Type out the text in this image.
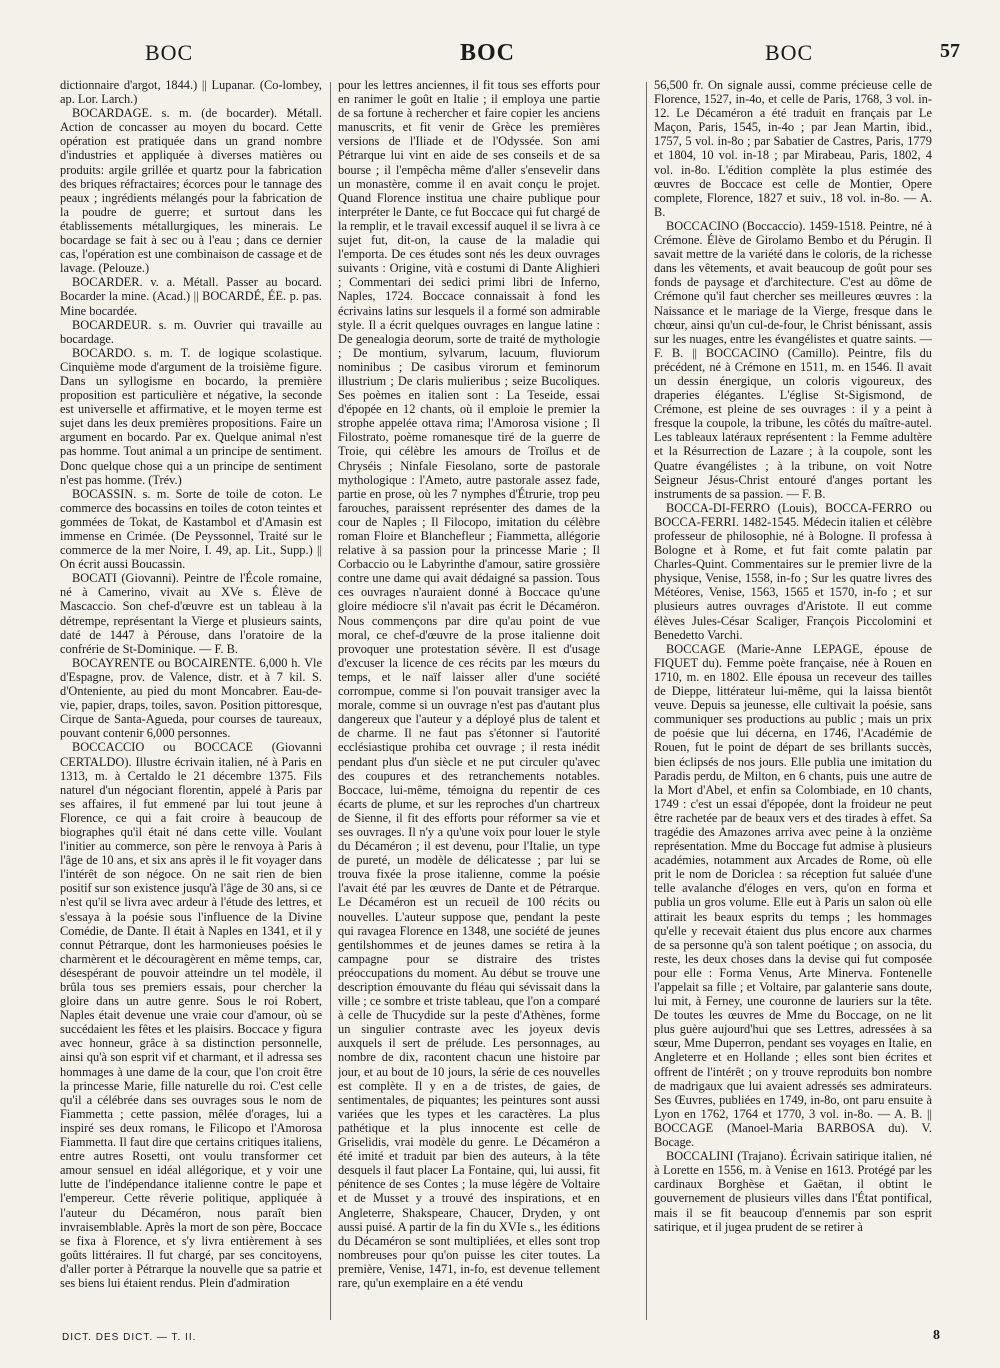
BOC	BOC	BOC	57

dictionnaire d'argot, 1844.) || Lupanar. (Co-lombey, ap. Lor. Larch.)

BOCARDAGE. s. m. (de bocarder). Métall. Action de concasser au moyen du bocard. Cette opération est pratiquée dans un grand nombre d'industries et appliquée à diverses matières ou produits: argile grillée et quartz pour la fabrication des briques réfractaires; écorces pour le tannage des peaux ; ingrédients mélangés pour la fabrication de la poudre de guerre; et surtout dans les établissements métallurgiques, les minerais. Le bocardage se fait à sec ou à l'eau ; dans ce dernier cas, l'opération est une combinaison de cassage et de lavage. (Pelouze.)

BOCARDER. v. a. Métall. Passer au bocard. Bocarder la mine. (Acad.) || BOCARDÉ, ÉE. p. pas. Mine bocardée.

BOCARDEUR. s. m. Ouvrier qui travaille au bocardage.

BOCARDO. s. m. T. de logique scolastique. Cinquième mode d'argument de la troisième figure. Dans un syllogisme en bocardo, la première proposition est particulière et négative, la seconde est universelle et affirmative, et le moyen terme est sujet dans les deux premières propositions. Faire un argument en bocardo. Par ex. Quelque animal n'est pas homme. Tout animal a un principe de sentiment. Donc quelque chose qui a un principe de sentiment n'est pas homme. (Trév.)

BOCASSIN. s. m. Sorte de toile de coton. Le commerce des bocassins en toiles de coton teintes et gommées de Tokat, de Kastambol et d'Amasin est immense en Crimée. (De Peyssonnel, Traité sur le commerce de la mer Noire, I. 49, ap. Lit., Supp.) || On écrit aussi Boucassin.

BOCATI (Giovanni). Peintre de l'École romaine, né à Camerino, vivait au XVe s. Élève de Mascaccio. Son chef-d'œuvre est un tableau à la détrempe, représentant la Vierge et plusieurs saints, daté de 1447 à Pérouse, dans l'oratoire de la confrérie de St-Dominique. — F. B.

BOCAYRENTE ou BOCAIRENTE. 6,000 h. Vle d'Espagne, prov. de Valence, distr. et à 7 kil. S. d'Onteniente, au pied du mont Moncabrer. Eau-de-vie, papier, draps, toiles, savon. Position pittoresque, Cirque de Santa-Agueda, pour courses de taureaux, pouvant contenir 6,000 personnes.

BOCCACCIO ou BOCCACE (Giovanni CERTALDO). Illustre écrivain italien, né à Paris en 1313, m. à Certaldo le 21 décembre 1375. Fils naturel d'un négociant florentin, appelé à Paris par ses affaires, il fut emmené par lui tout jeune à Florence, ce qui a fait croire à beaucoup de biographes qu'il était né dans cette ville. Voulant l'initier au commerce, son père le renvoya à Paris à l'âge de 10 ans, et six ans après il le fit voyager dans l'intérêt de son négoce. On ne sait rien de bien positif sur son existence jusqu'à l'âge de 30 ans, si ce n'est qu'il se livra avec ardeur à l'étude des lettres, et s'essaya à la poésie sous l'influence de la Divine Comédie, de Dante. Il était à Naples en 1341, et il y connut Pétrarque, dont les harmonieuses poésies le charmèrent et le découragèrent en même temps, car, désespérant de pouvoir atteindre un tel modèle, il brûla tous ses premiers essais, pour chercher la gloire dans un autre genre. Sous le roi Robert, Naples était devenue une vraie cour d'amour, où se succédaient les fêtes et les plaisirs. Boccace y figura avec honneur, grâce à sa distinction personnelle, ainsi qu'à son esprit vif et charmant, et il adressa ses hommages à une dame de la cour, que l'on croit être la princesse Marie, fille naturelle du roi. C'est celle qu'il a célébrée dans ses ouvrages sous le nom de Fiammetta ; cette passion, mêlée d'orages, lui a inspiré ses deux romans, le Filicopo et l'Amorosa Fiammetta. Il faut dire que certains critiques italiens, entre autres Rosetti, ont voulu transformer cet amour sensuel en idéal allégorique, et y voir une lutte de l'indépendance italienne contre le pape et l'empereur. Cette rêverie politique, appliquée à l'auteur du Décaméron, nous paraît bien invraisemblable. Après la mort de son père, Boccace se fixa à Florence, et s'y livra entièrement à ses goûts littéraires. Il fut chargé, par ses concitoyens, d'aller porter à Pétrarque la nouvelle que sa patrie et ses biens lui étaient rendus. Plein d'admiration

pour les lettres anciennes, il fit tous ses efforts pour en ranimer le goût en Italie ; il employa une partie de sa fortune à rechercher et faire copier les anciens manuscrits, et fit venir de Grèce les premières versions de l'Iliade et de l'Odyssée. Son ami Pétrarque lui vint en aide de ses conseils et de sa bourse ; il l'empêcha même d'aller s'ensevelir dans un monastère, comme il en avait conçu le projet. Quand Florence institua une chaire publique pour interpréter le Dante, ce fut Boccace qui fut chargé de la remplir, et le travail excessif auquel il se livra à ce sujet fut, dit-on, la cause de la maladie qui l'emporta. De ces études sont nés les deux ouvrages suivants : Origine, vità e costumi di Dante Alighieri ; Commentari dei sedici primi libri de Inferno, Naples, 1724. Boccace connaissait à fond les écrivains latins sur lesquels il a formé son admirable style. Il a écrit quelques ouvrages en langue latine : De genealogia deorum, sorte de traité de mythologie ; De montium, sylvarum, lacuum, fluviorum nominibus ; De casibus virorum et feminorum illustrium ; De claris mulieribus ; seize Bucoliques. Ses poèmes en italien sont : La Teseide, essai d'épopée en 12 chants, où il emploie le premier la strophe appelée ottava rima; l'Amorosa visione ; Il Filostrato, poème romanesque tiré de la guerre de Troie, qui célèbre les amours de Troïlus et de Chryséis ; Ninfale Fiesolano, sorte de pastorale mythologique : l'Ameto, autre pastorale assez fade, partie en prose, où les 7 nymphes d'Étrurie, trop peu farouches, paraissent représenter des dames de la cour de Naples ; Il Filocopo, imitation du célèbre roman Floire et Blanchefleur ; Fiammetta, allégorie relative à sa passion pour la princesse Marie ; Il Corbaccio ou le Labyrinthe d'amour, satire grossière contre une dame qui avait dédaigné sa passion. Tous ces ouvrages n'auraient donné à Boccace qu'une gloire médiocre s'il n'avait pas écrit le Décaméron. Nous commençons par dire qu'au point de vue moral, ce chef-d'œuvre de la prose italienne doit provoquer une protestation sévère. Il est d'usage d'excuser la licence de ces récits par les mœurs du temps, et le naïf laisser aller d'une société corrompue, comme si l'on pouvait transiger avec la morale, comme si un ouvrage n'est pas d'autant plus dangereux que l'auteur y a déployé plus de talent et de charme. Il ne faut pas s'étonner si l'autorité ecclésiastique prohiba cet ouvrage ; il resta inédit pendant plus d'un siècle et ne put circuler qu'avec des coupures et des retranchements notables. Boccace, lui-même, témoigna du repentir de ces écarts de plume, et sur les reproches d'un chartreux de Sienne, il fit des efforts pour réformer sa vie et ses ouvrages. Il n'y a qu'une voix pour louer le style du Décaméron ; il est devenu, pour l'Italie, un type de pureté, un modèle de délicatesse ; par lui se trouva fixée la prose italienne, comme la poésie l'avait été par les œuvres de Dante et de Pétrarque. Le Décaméron est un recueil de 100 récits ou nouvelles. L'auteur suppose que, pendant la peste qui ravagea Florence en 1348, une société de jeunes gentilshommes et de jeunes dames se retira à la campagne pour se distraire des tristes préoccupations du moment. Au début se trouve une description émouvante du fléau qui sévissait dans la ville ; ce sombre et triste tableau, que l'on a comparé à celle de Thucydide sur la peste d'Athènes, forme un singulier contraste avec les joyeux devis auxquels il sert de prélude. Les personnages, au nombre de dix, racontent chacun une histoire par jour, et au bout de 10 jours, la série de ces nouvelles est complète. Il y en a de tristes, de gaies, de sentimentales, de piquantes; les peintures sont aussi variées que les types et les caractères. La plus pathétique et la plus innocente est celle de Griselidis, vrai modèle du genre. Le Décaméron a été imité et traduit par bien des auteurs, à la tête desquels il faut placer La Fontaine, qui, lui aussi, fit pénitence de ses Contes ; la muse légère de Voltaire et de Musset y a trouvé des inspirations, et en Angleterre, Shakspeare, Chaucer, Dryden, y ont aussi puisé. A partir de la fin du XVIe s., les éditions du Décaméron se sont multipliées, et elles sont trop nombreuses pour qu'on puisse les citer toutes. La première, Venise, 1471, in-fo, est devenue tellement rare, qu'un exemplaire en a été vendu

56,500 fr. On signale aussi, comme précieuse celle de Florence, 1527, in-4o, et celle de Paris, 1768, 3 vol. in-12. Le Décaméron a été traduit en français par Le Maçon, Paris, 1545, in-4o ; par Jean Martin, ibid., 1757, 5 vol. in-8o ; par Sabatier de Castres, Paris, 1779 et 1804, 10 vol. in-18 ; par Mirabeau, Paris, 1802, 4 vol. in-8o. L'édition complète la plus estimée des œuvres de Boccace est celle de Montier, Opere complete, Florence, 1827 et suiv., 18 vol. in-8o. — A. B.

BOCCACINO (Boccaccio). 1459-1518. Peintre, né à Crémone. Élève de Girolamo Bembo et du Pérugin. Il savait mettre de la variété dans le coloris, de la richesse dans les vêtements, et avait beaucoup de goût pour ses fonds de paysage et d'architecture. C'est au dôme de Crémone qu'il faut chercher ses meilleures œuvres : la Naissance et le mariage de la Vierge, fresque dans le chœur, ainsi qu'un cul-de-four, le Christ bénissant, assis sur les nuages, entre les évangélistes et quatre saints. — F. B. || BOCCACINO (Camillo). Peintre, fils du précédent, né à Crémone en 1511, m. en 1546. Il avait un dessin énergique, un coloris vigoureux, des draperies élégantes. L'église St-Sigismond, de Crémone, est pleine de ses ouvrages : il y a peint à fresque la coupole, la tribune, les côtés du maître-autel. Les tableaux latéraux représentent : la Femme adultère et la Résurrection de Lazare ; à la coupole, sont les Quatre évangélistes ; à la tribune, on voit Notre Seigneur Jésus-Christ entouré d'anges portant les instruments de sa passion. — F. B.

BOCCA-DI-FERRO (Louis), BOCCA-FERRO ou BOCCA-FERRI. 1482-1545. Médecin italien et célèbre professeur de philosophie, né à Bologne. Il professa à Bologne et à Rome, et fut fait comte palatin par Charles-Quint. Commentaires sur le premier livre de la physique, Venise, 1558, in-fo ; Sur les quatre livres des Météores, Venise, 1563, 1565 et 1570, in-fo ; et sur plusieurs autres ouvrages d'Aristote. Il eut comme élèves Jules-César Scaliger, François Piccolomini et Benedetto Varchi.

BOCCAGE (Marie-Anne LEPAGE, épouse de FIQUET du). Femme poète française, née à Rouen en 1710, m. en 1802. Elle épousa un receveur des tailles de Dieppe, littérateur lui-même, qui la laissa bientôt veuve. Depuis sa jeunesse, elle cultivait la poésie, sans communiquer ses productions au public ; mais un prix de poésie que lui décerna, en 1746, l'Académie de Rouen, fut le point de départ de ses brillants succès, bien éclipsés de nos jours. Elle publia une imitation du Paradis perdu, de Milton, en 6 chants, puis une autre de la Mort d'Abel, et enfin sa Colombiade, en 10 chants, 1749 : c'est un essai d'épopée, dont la froideur ne peut être rachetée par de beaux vers et des tirades à effet. Sa tragédie des Amazones arriva avec peine à la onzième représentation. Mme du Boccage fut admise à plusieurs académies, notamment aux Arcades de Rome, où elle prit le nom de Doriclea : sa réception fut saluée d'une telle avalanche d'éloges en vers, qu'on en forma et publia un gros volume. Elle eut à Paris un salon où elle attirait les beaux esprits du temps ; les hommages qu'elle y recevait étaient dus plus encore aux charmes de sa personne qu'à son talent poétique ; on associa, du reste, les deux choses dans la devise qui fut composée pour elle : Forma Venus, Arte Minerva. Fontenelle l'appelait sa fille ; et Voltaire, par galanterie sans doute, lui mit, à Ferney, une couronne de lauriers sur la tête. De toutes les œuvres de Mme du Boccage, on ne lit plus guère aujourd'hui que ses Lettres, adressées à sa sœur, Mme Duperron, pendant ses voyages en Italie, en Angleterre et en Hollande ; elles sont bien écrites et offrent de l'intérêt ; on y trouve reproduits bon nombre de madrigaux que lui avaient adressés ses admirateurs. Ses Œuvres, publiées en 1749, in-8o, ont paru ensuite à Lyon en 1762, 1764 et 1770, 3 vol. in-8o. — A. B. || BOCCAGE (Manoel-Maria BARBOSA du). V. Bocage.

BOCCALINI (Trajano). Écrivain satirique italien, né à Lorette en 1556, m. à Venise en 1613. Protégé par les cardinaux Borghèse et Gaëtan, il obtint le gouvernement de plusieurs villes dans l'État pontifical, mais il se fit beaucoup d'ennemis par son esprit satirique, et il jugea prudent de se retirer à

DICT. DES DICT. — T. II.	8
